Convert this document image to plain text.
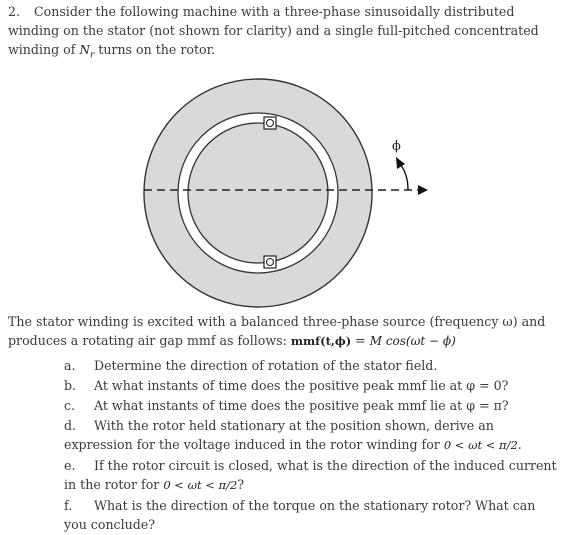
2. Consider the following machine with a three-phase sinusoidally distributed winding on the stator (not shown for clarity) and a single full-pitched concentrated winding of $N_r$ turns on the rotor.

ϕ

The stator winding is excited with a balanced three-phase source (frequency ω) and produces a rotating air gap mmf as follows: mmf(t,ϕ) = M cos(ωt − ϕ)

a. Determine the direction of rotation of the stator field.
b. At what instants of time does the positive peak mmf lie at φ = 0?
c. At what instants of time does the positive peak mmf lie at φ = π?
d. With the rotor held stationary at the position shown, derive an expression for the voltage induced in the rotor winding for 0 < ωt < π/2.
e. If the rotor circuit is closed, what is the direction of the induced current in the rotor for 0 < ωt < π/2?
f. What is the direction of the torque on the stationary rotor? What can you conclude?
